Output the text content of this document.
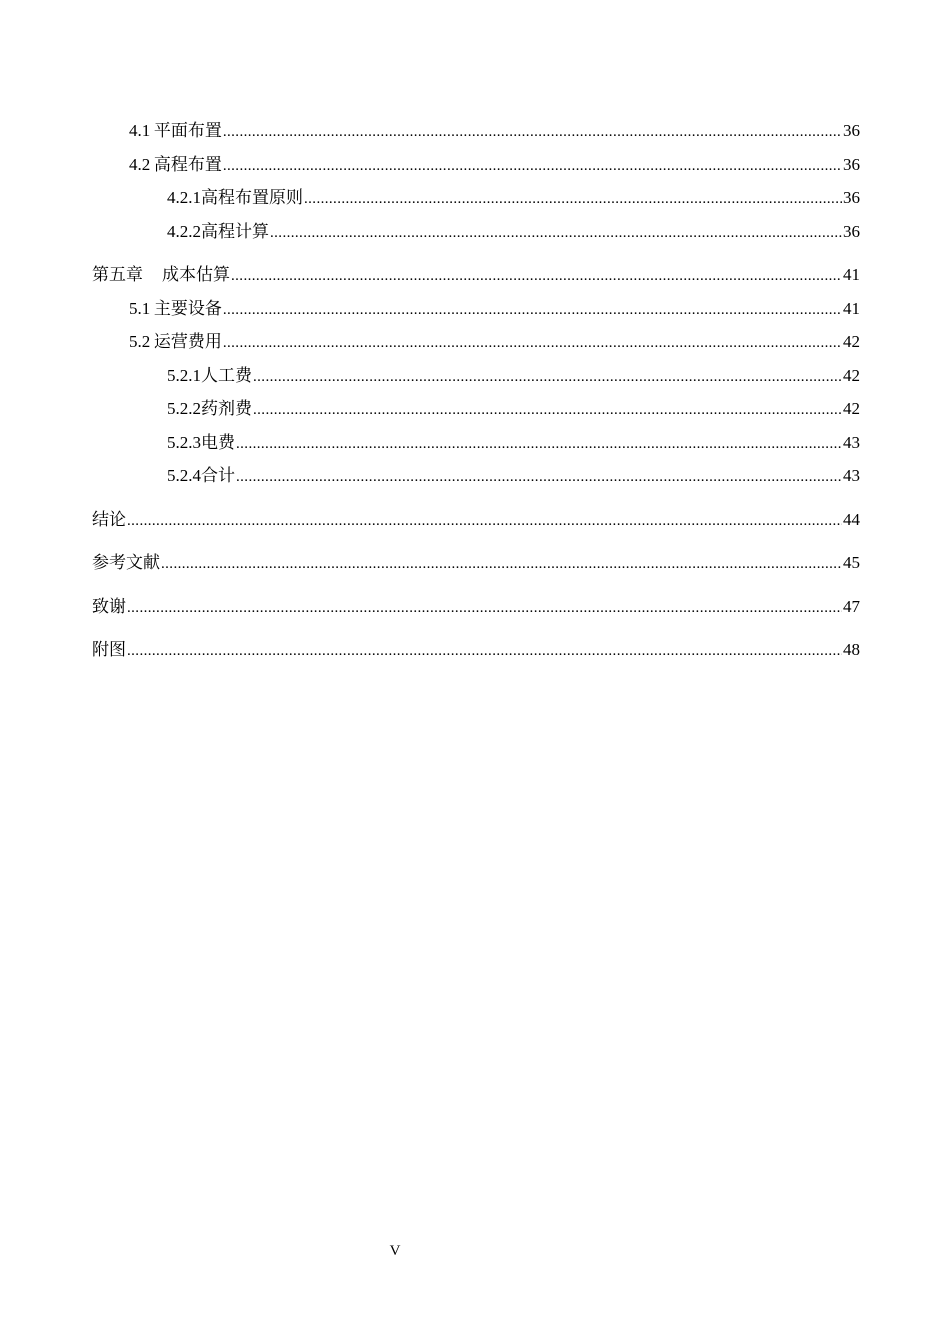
4.1 平面布置 .....	36
4.2 高程布置 .....	36
4.2.1 高程布置原则 .....	36
4.2.2 高程计算 .....	36
第五章 成本估算 .....	41
5.1 主要设备 .....	41
5.2 运营费用 .....	42
5.2.1 人工费 .....	42
5.2.2 药剂费 .....	42
5.2.3 电费 .....	43
5.2.4 合计 .....	43
结论 .....	44
参考文献 .....	45
致谢 .....	47
附图 .....	48
V
